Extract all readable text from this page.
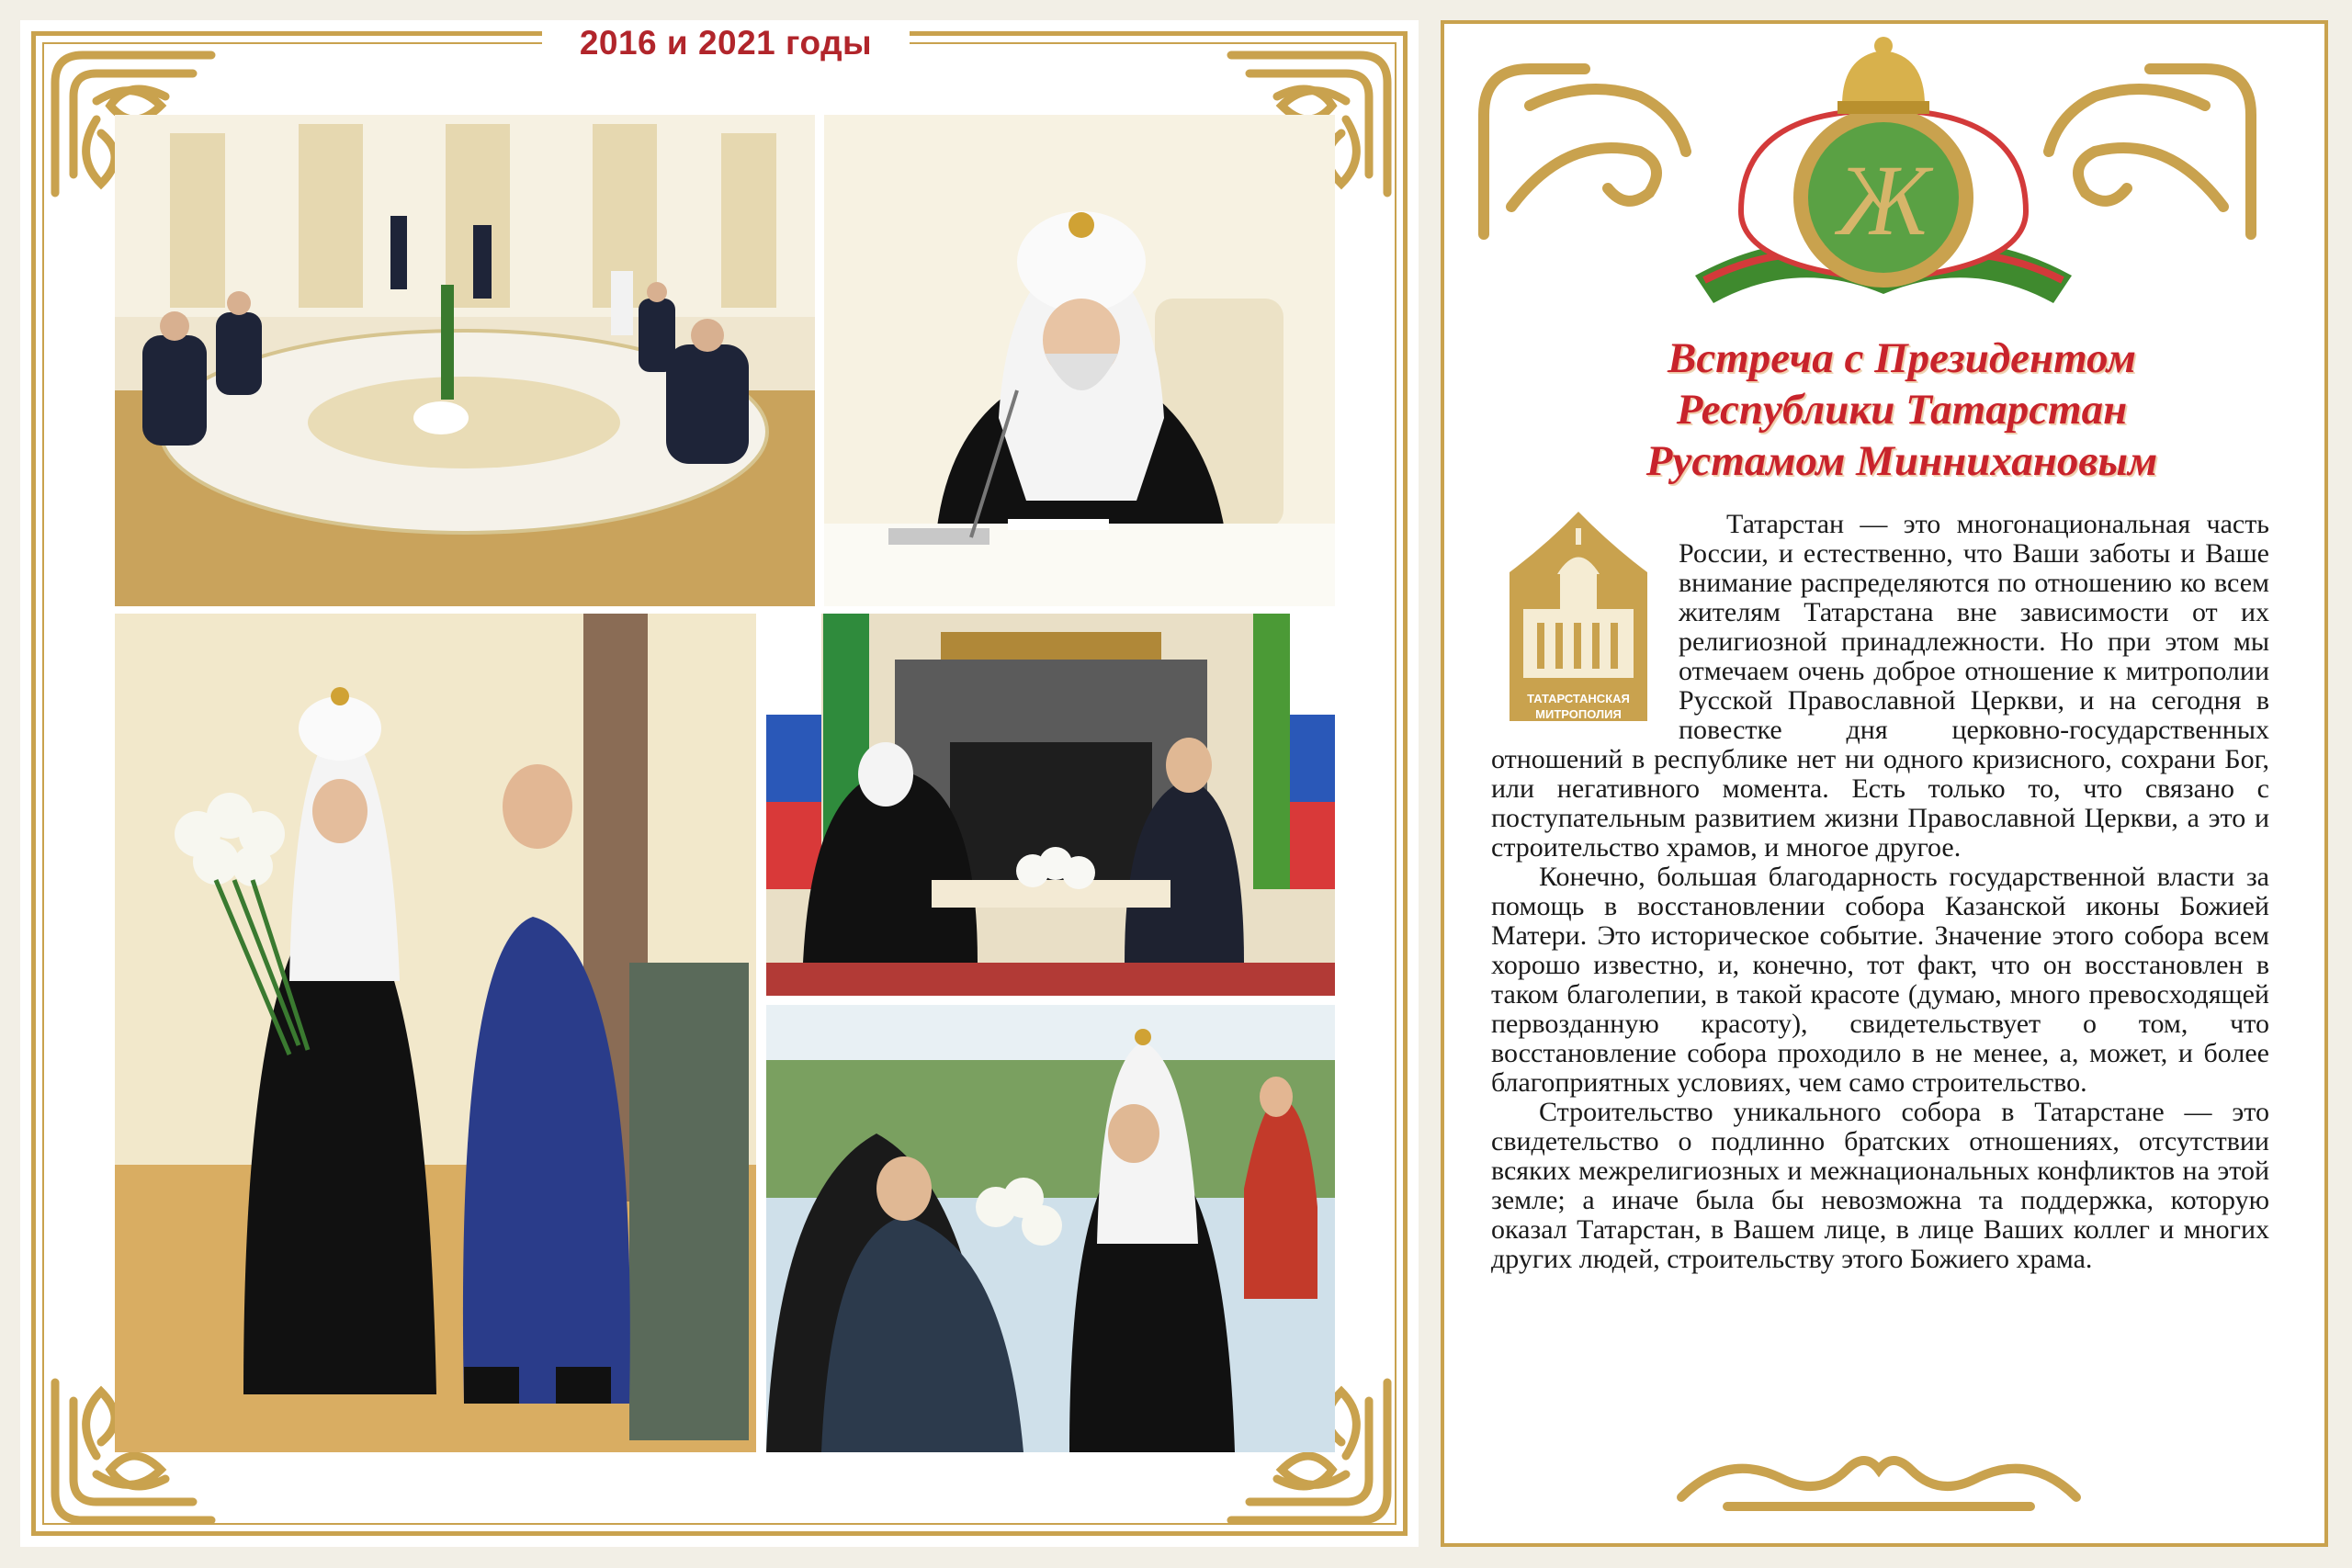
2016 и 2021 годы
Ж
Встреча с Президентом
Республики Татарстан
Рустамом Миннихановым
ТАТАРСТАНСКАЯ
МИТРОПОЛИЯ

Татарстан — это многонациональная часть России, и естественно, что Ваши заботы и Ваше внимание распределяются по отношению ко всем жителям Татарстана вне зависимости от их религиозной принадлежности. Но при этом мы отмечаем очень доброе отношение к митрополии Русской Православной Церкви, и на сегодня в повестке дня церковно-государственных отношений в республике нет ни одного кризисного, сохрани Бог, или негативного момента. Есть только то, что связано с поступательным развитием жизни Православной Церкви, а это и строительство храмов, и многое другое.

Конечно, большая благодарность государственной власти за помощь в восстановлении собора Казанской иконы Божией Матери. Это историческое событие. Значение этого собора всем хорошо известно, и, конечно, тот факт, что он восстановлен в таком благолепии, в такой красоте (думаю, много превосходящей первозданную красоту), свидетельствует о том, что восстановление собора проходило в не менее, а, может, и более благоприятных условиях, чем само строительство.

Строительство уникального собора в Татарстане — это свидетельство о подлинно братских отношениях, отсутствии всяких межрелигиозных и межнациональных конфликтов на этой земле; а иначе была бы невозможна та поддержка, которую оказал Татарстан, в Вашем лице, в лице Ваших коллег и многих других людей, строительству этого Божиего храма.
